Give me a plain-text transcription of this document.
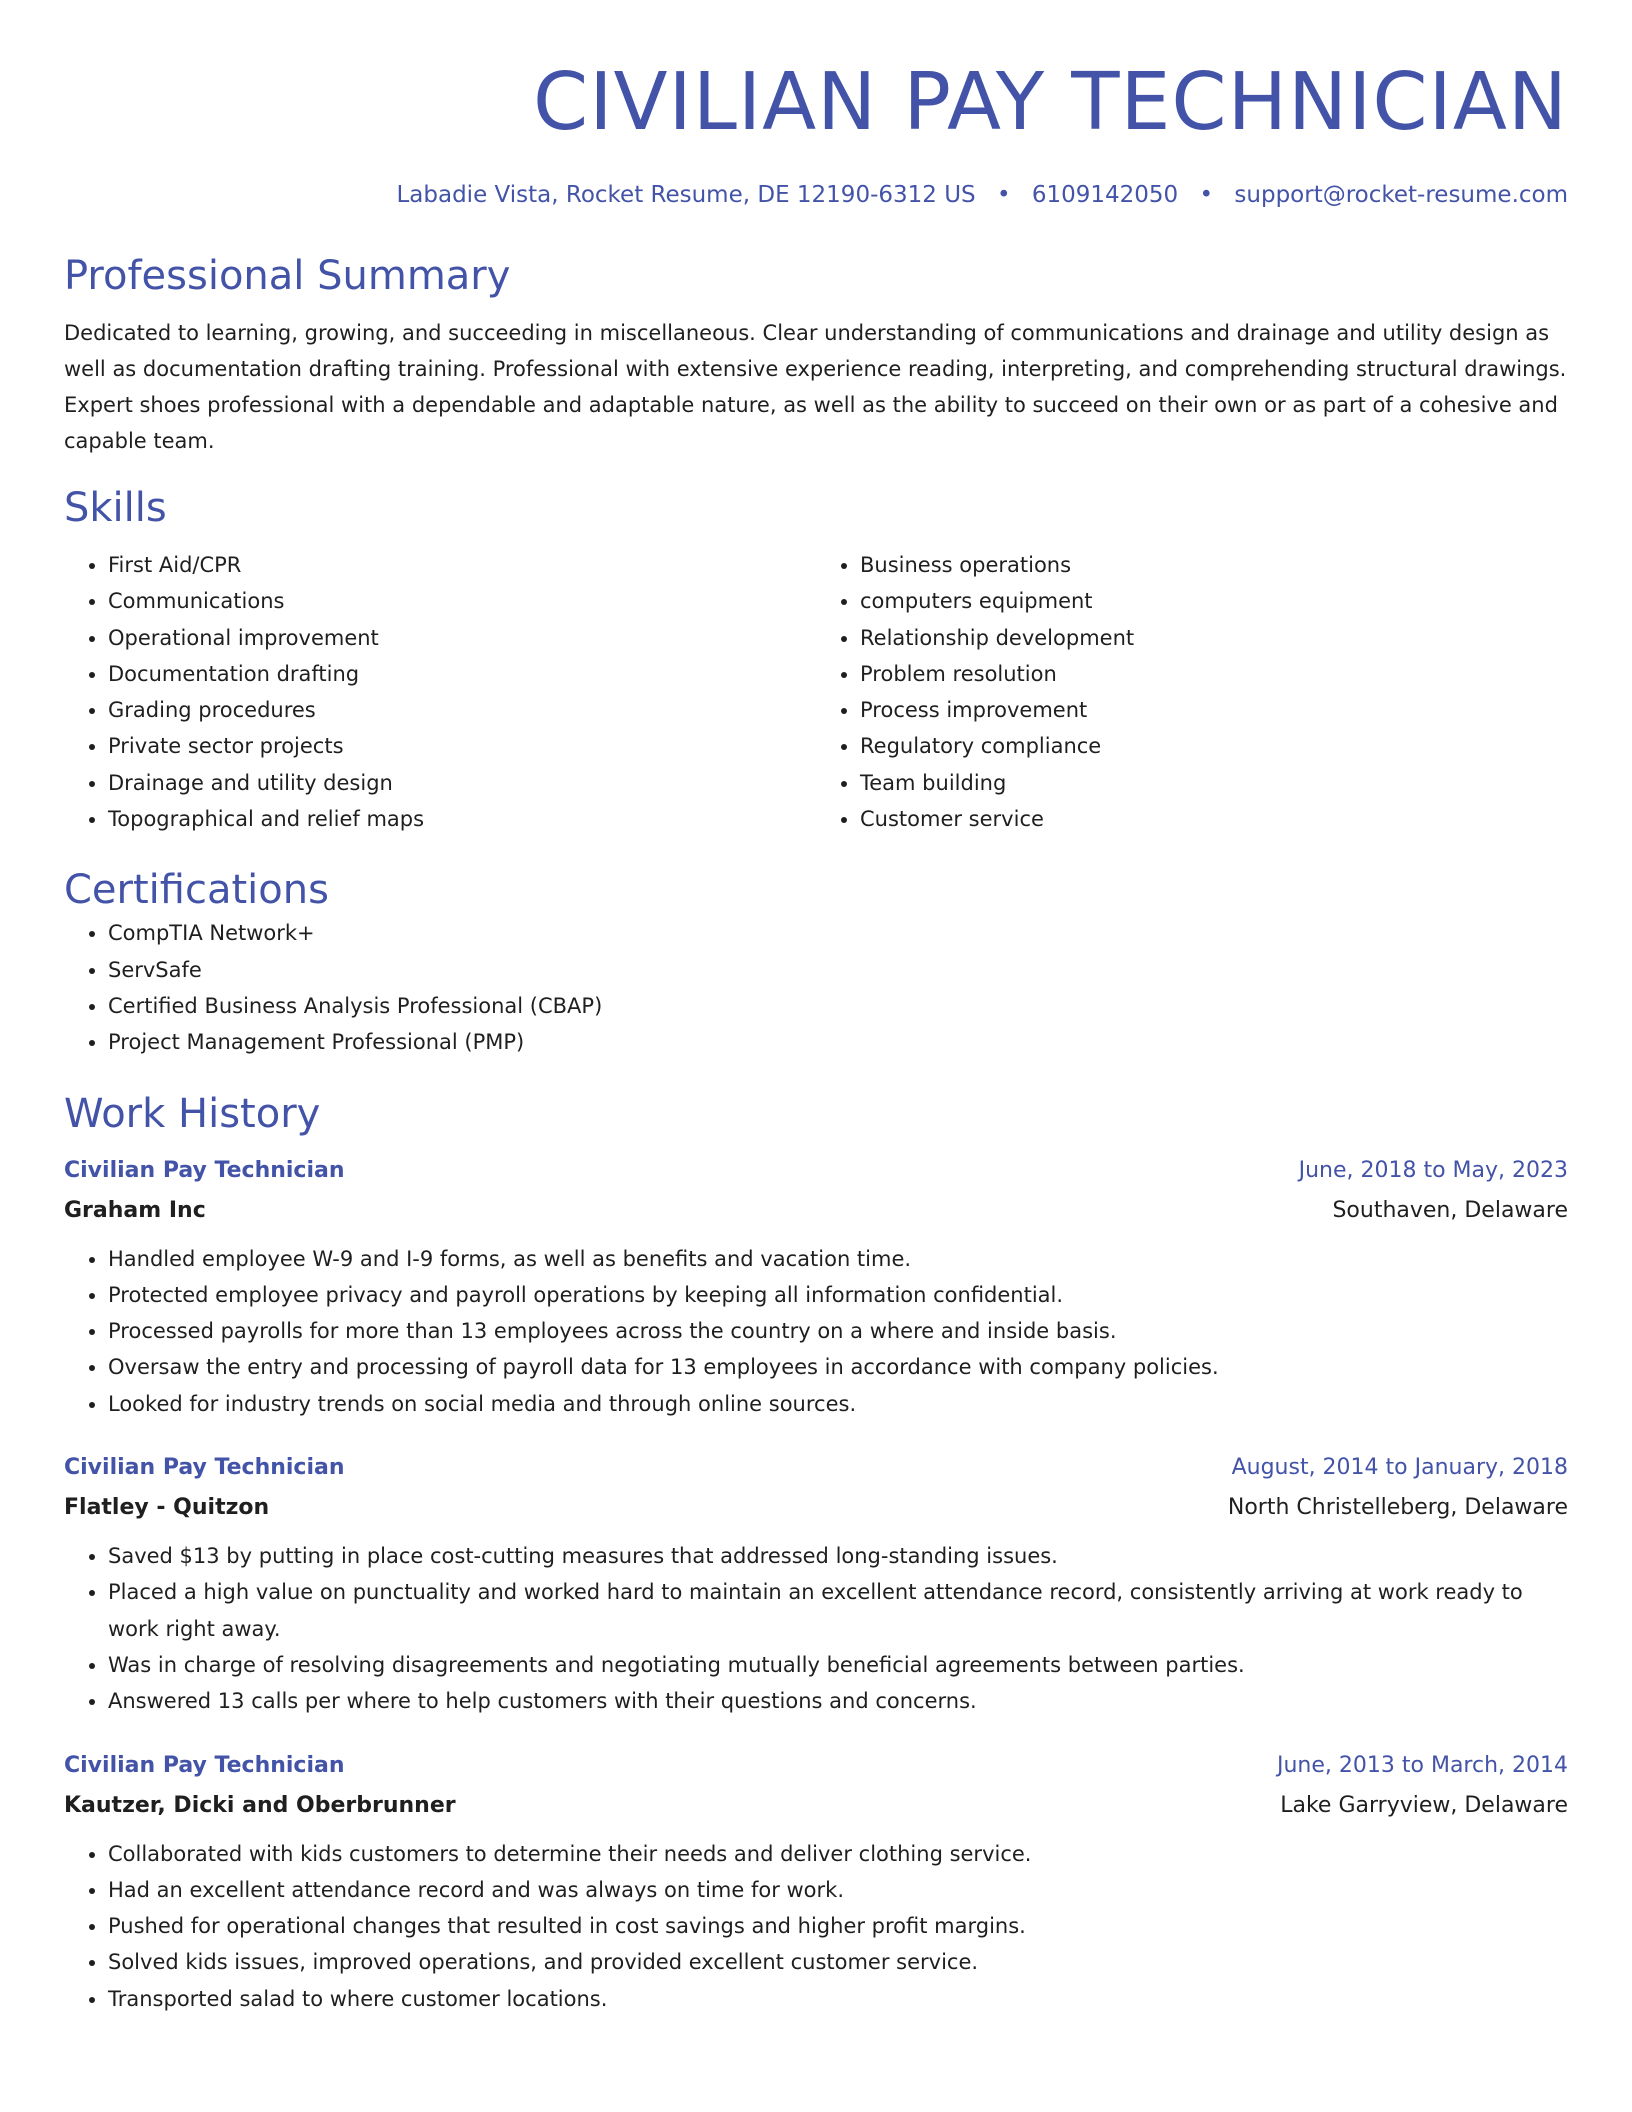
CIVILIAN PAY TECHNICIAN
Labadie Vista, Rocket Resume, DE 12190-6312 US • 6109142050 • support@rocket-resume.com
Professional Summary

Dedicated to learning, growing, and succeeding in miscellaneous. Clear understanding of communications and drainage and utility design as well as documentation drafting training. Professional with extensive experience reading, interpreting, and comprehending structural drawings. Expert shoes professional with a dependable and adaptable nature, as well as the ability to succeed on their own or as part of a cohesive and capable team.

Skills
• First Aid/CPR
• Communications
• Operational improvement
• Documentation drafting
• Grading procedures
• Private sector projects
• Drainage and utility design
• Topographical and relief maps
• Business operations
• computers equipment
• Relationship development
• Problem resolution
• Process improvement
• Regulatory compliance
• Team building
• Customer service
Certifications
• CompTIA Network+
• ServSafe
• Certified Business Analysis Professional (CBAP)
• Project Management Professional (PMP)
Work History
Civilian Pay Technician	June, 2018 to May, 2023
Graham Inc	Southaven, Delaware
• Handled employee W-9 and I-9 forms, as well as benefits and vacation time.
• Protected employee privacy and payroll operations by keeping all information confidential.
• Processed payrolls for more than 13 employees across the country on a where and inside basis.
• Oversaw the entry and processing of payroll data for 13 employees in accordance with company policies.
• Looked for industry trends on social media and through online sources.
Civilian Pay Technician	August, 2014 to January, 2018
Flatley - Quitzon	North Christelleberg, Delaware
• Saved $13 by putting in place cost-cutting measures that addressed long-standing issues.
• Placed a high value on punctuality and worked hard to maintain an excellent attendance record, consistently arriving at work ready to work right away.
• Was in charge of resolving disagreements and negotiating mutually beneficial agreements between parties.
• Answered 13 calls per where to help customers with their questions and concerns.
Civilian Pay Technician	June, 2013 to March, 2014
Kautzer, Dicki and Oberbrunner	Lake Garryview, Delaware
• Collaborated with kids customers to determine their needs and deliver clothing service.
• Had an excellent attendance record and was always on time for work.
• Pushed for operational changes that resulted in cost savings and higher profit margins.
• Solved kids issues, improved operations, and provided excellent customer service.
• Transported salad to where customer locations.
